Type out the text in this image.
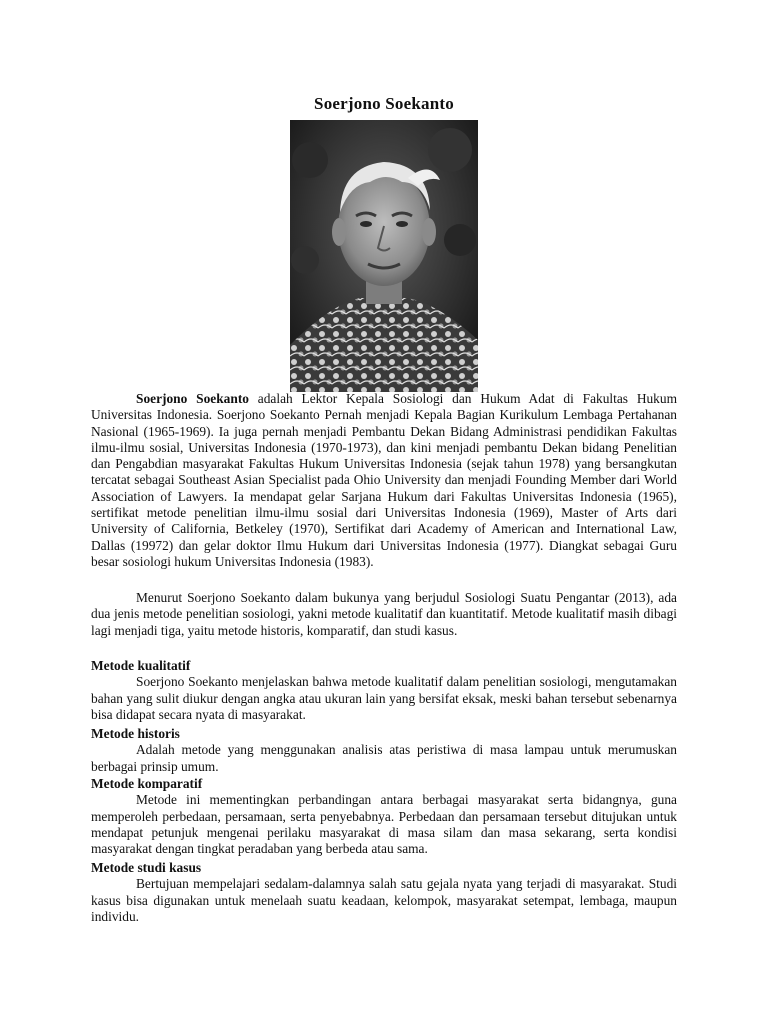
Soerjono Soekanto

Soerjono Soekanto adalah Lektor Kepala Sosiologi dan Hukum Adat di Fakultas Hukum Universitas Indonesia. Soerjono Soekanto Pernah menjadi Kepala Bagian Kurikulum Lembaga Pertahanan Nasional (1965-1969). Ia juga pernah menjadi Pembantu Dekan Bidang Administrasi pendidikan Fakultas ilmu-ilmu sosial, Universitas Indonesia (1970-1973), dan kini menjadi pembantu Dekan bidang Penelitian dan Pengabdian masyarakat Fakultas Hukum Universitas Indonesia (sejak tahun 1978) yang bersangkutan tercatat sebagai Southeast Asian Specialist pada Ohio University dan menjadi Founding Member dari World Association of Lawyers. Ia mendapat gelar Sarjana Hukum dari Fakultas Universitas Indonesia (1965), sertifikat metode penelitian ilmu-ilmu sosial dari Universitas Indonesia (1969), Master of Arts dari University of California, Betkeley (1970), Sertifikat dari Academy of American and International Law, Dallas (19972) dan gelar doktor Ilmu Hukum dari Universitas Indonesia (1977). Diangkat sebagai Guru besar sosiologi hukum Universitas Indonesia (1983).

Menurut Soerjono Soekanto dalam bukunya yang berjudul Sosiologi Suatu Pengantar (2013), ada dua jenis metode penelitian sosiologi, yakni metode kualitatif dan kuantitatif. Metode kualitatif masih dibagi lagi menjadi tiga, yaitu metode historis, komparatif, dan studi kasus.

Metode kualitatif

Soerjono Soekanto menjelaskan bahwa metode kualitatif dalam penelitian sosiologi, mengutamakan bahan yang sulit diukur dengan angka atau ukuran lain yang bersifat eksak, meski bahan tersebut sebenarnya bisa didapat secara nyata di masyarakat.

Metode historis

Adalah metode yang menggunakan analisis atas peristiwa di masa lampau untuk merumuskan berbagai prinsip umum.

Metode komparatif

Metode ini mementingkan perbandingan antara berbagai masyarakat serta bidangnya, guna memperoleh perbedaan, persamaan, serta penyebabnya. Perbedaan dan persamaan tersebut ditujukan untuk mendapat petunjuk mengenai perilaku masyarakat di masa silam dan masa sekarang, serta kondisi masyarakat dengan tingkat peradaban yang berbeda atau sama.

Metode studi kasus

Bertujuan mempelajari sedalam-dalamnya salah satu gejala nyata yang terjadi di masyarakat. Studi kasus bisa digunakan untuk menelaah suatu keadaan, kelompok, masyarakat setempat, lembaga, maupun individu.
